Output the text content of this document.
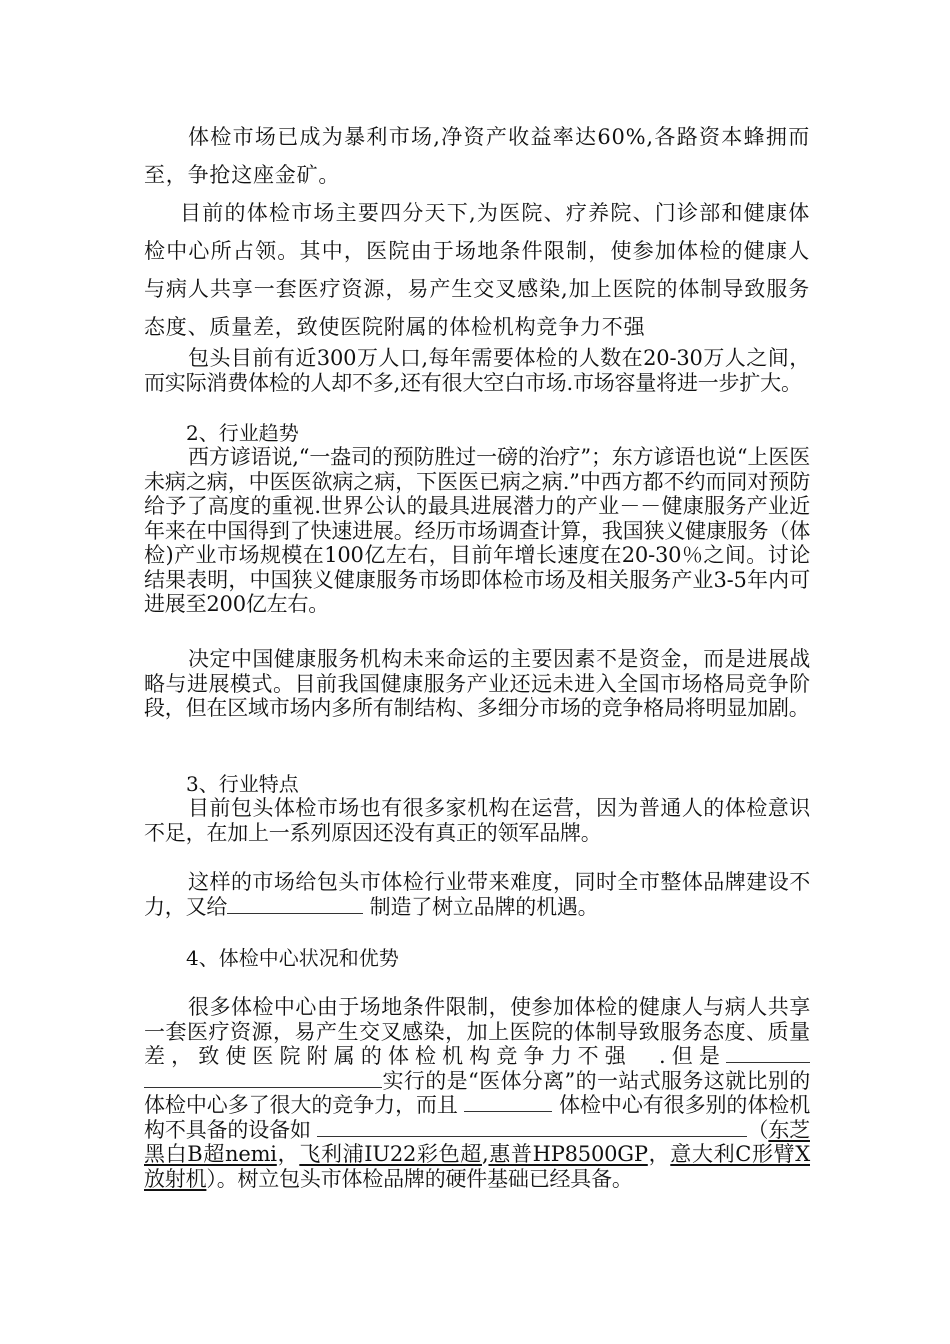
体检市场已成为暴利市场,净资产收益率达60%,各路资本蜂拥而至，争抢这座金矿。

目前的体检市场主要四分天下,为医院、疗养院、门诊部和健康体检中心所占领。其中，医院由于场地条件限制，使参加体检的健康人与病人共享一套医疗资源，易产生交叉感染,加上医院的体制导致服务态度、质量差，致使医院附属的体检机构竞争力不强

包头目前有近300万人口,每年需要体检的人数在20-30万人之间，而实际消费体检的人却不多,还有很大空白市场.市场容量将进一步扩大。

2、行业趋势

西方谚语说,“一盎司的预防胜过一磅的治疗”；东方谚语也说“上医医未病之病，中医医欲病之病，下医医已病之病.”中西方都不约而同对预防给予了高度的重视.世界公认的最具进展潜力的产业－－健康服务产业近年来在中国得到了快速进展。经历市场调查计算，我国狭义健康服务（体检)产业市场规模在100亿左右，目前年增长速度在20-30％之间。讨论结果表明，中国狭义健康服务市场即体检市场及相关服务产业3-5年内可进展至200亿左右。

决定中国健康服务机构未来命运的主要因素不是资金，而是进展战略与进展模式。目前我国健康服务产业还远未进入全国市场格局竞争阶段，但在区域市场内多所有制结构、多细分市场的竞争格局将明显加剧。

3、行业特点

目前包头体检市场也有很多家机构在运营，因为普通人的体检意识不足，在加上一系列原因还没有真正的领军品牌。

这样的市场给包头市体检行业带来难度，同时全市整体品牌建设不力，又给	制造了树立品牌的机遇。

4、体检中心状况和优势

很多体检中心由于场地条件限制，使参加体检的健康人与病人共享一套医疗资源，易产生交叉感染，加上医院的体制导致服务态度、质量差，致使医院附属的体检机构竞争力不强　.但是实行的是“医体分离”的一站式服务这就比别的体检中心多了很大的竞争力，而且	体检中心有很多别的体检机构不具备的设备如	（东芝黑白B超nemi，飞利浦IU22彩色超,惠普HP8500GP，意大利C形臂X放射机）。树立包头市体检品牌的硬件基础已经具备。
